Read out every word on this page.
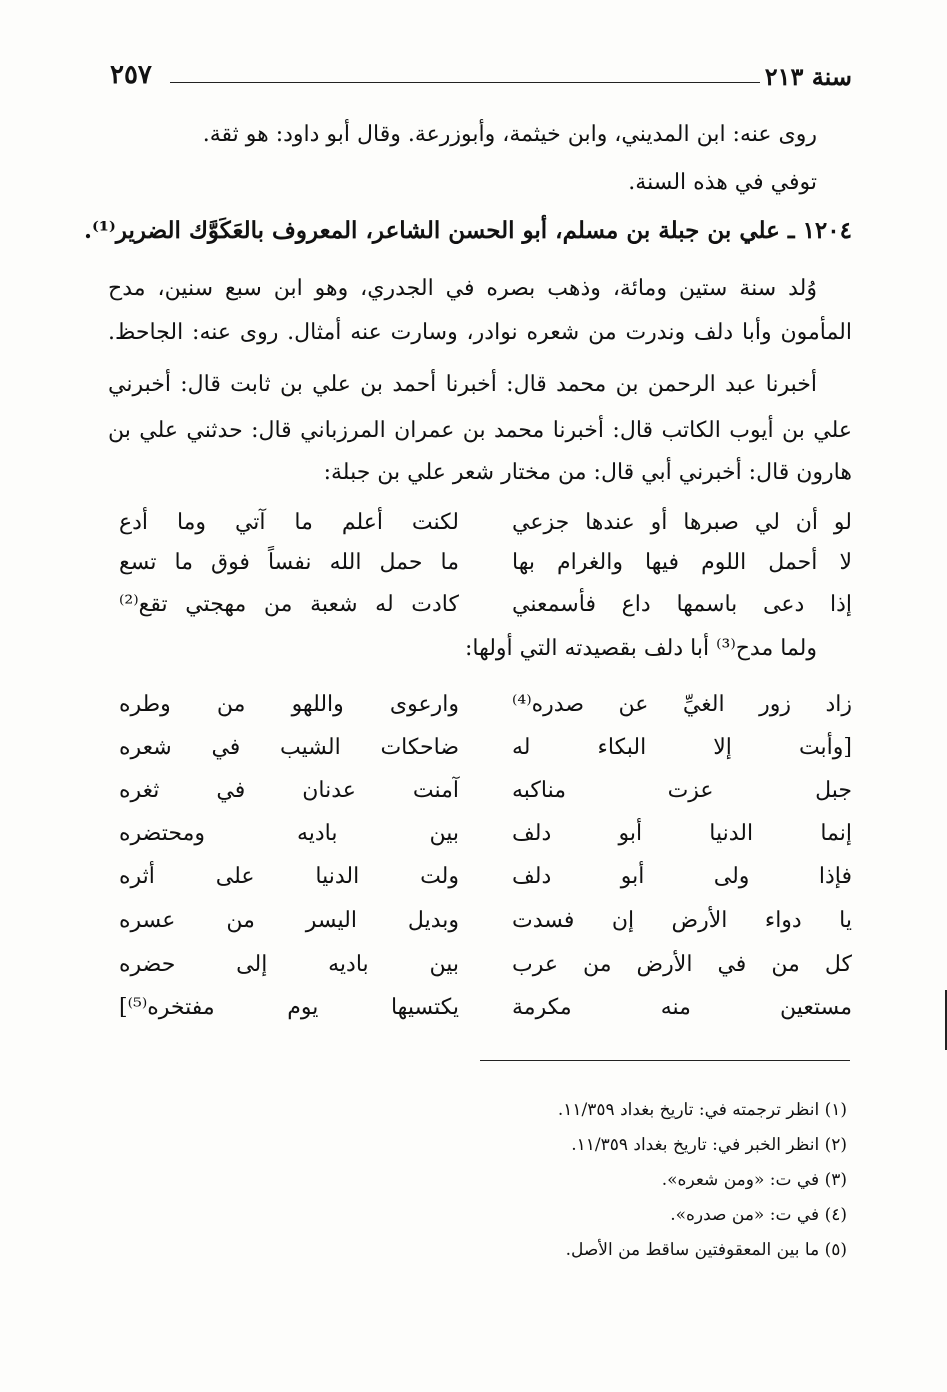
٢٥٧	سنة ٢١٣
روى عنه: ابن المديني، وابن خيثمة، وأبوزرعة. وقال أبو داود: هو ثقة.
توفي في هذه السنة.
١٢٠٤ ـ علي بن جبلة بن مسلم، أبو الحسن الشاعر، المعروف بالعَكَوَّك الضرير⁽¹⁾.
وُلد سنة ستين ومائة، وذهب بصره في الجدري، وهو ابن سبع سنين، مدح
المأمون وأبا دلف وندرت من شعره نوادر، وسارت عنه أمثال. روى عنه: الجاحظ.
أخبرنا عبد الرحمن بن محمد قال: أخبرنا أحمد بن علي بن ثابت قال: أخبرني
علي بن أيوب الكاتب قال: أخبرنا محمد بن عمران المرزباني قال: حدثني علي بن
هارون قال: أخبرني أبي قال: من مختار شعر علي بن جبلة:
لو أن لي صبرها أو عندها جزعي
لكنت أعلم ما آتي وما أدع
لا أحمل اللوم فيها والغرام بها
ما حمل الله نفساً فوق ما تسع
إذا دعى باسمها داع فأسمعني
كادت له شعبة من مهجتي تقع⁽²⁾
ولما مدح⁽³⁾ أبا دلف بقصيدته التي أولها:
زاد زور الغيِّ عن صدره⁽⁴⁾
وارعوى واللهو من وطره
[وأبت إلا البكاء له
ضاحكات الشيب في شعره
جبل عزت مناكبه
آمنت عدنان في ثغره
إنما الدنيا أبو دلف
بين باديه ومحتضره
فإذا ولى أبو دلف
ولت الدنيا على أثره
يا دواء الأرض إن فسدت
وبديل اليسر من عسره
كل من في الأرض من عرب
بين باديه إلى حضره
مستعين منه مكرمة
يكتسيها يوم مفتخره⁽⁵⁾]
(١) انظر ترجمته في: تاريخ بغداد ١١/٣٥٩.
(٢) انظر الخبر في: تاريخ بغداد ١١/٣٥٩.
(٣) في ت: «ومن شعره».
(٤) في ت: «من صدره».
(٥) ما بين المعقوفتين ساقط من الأصل.
